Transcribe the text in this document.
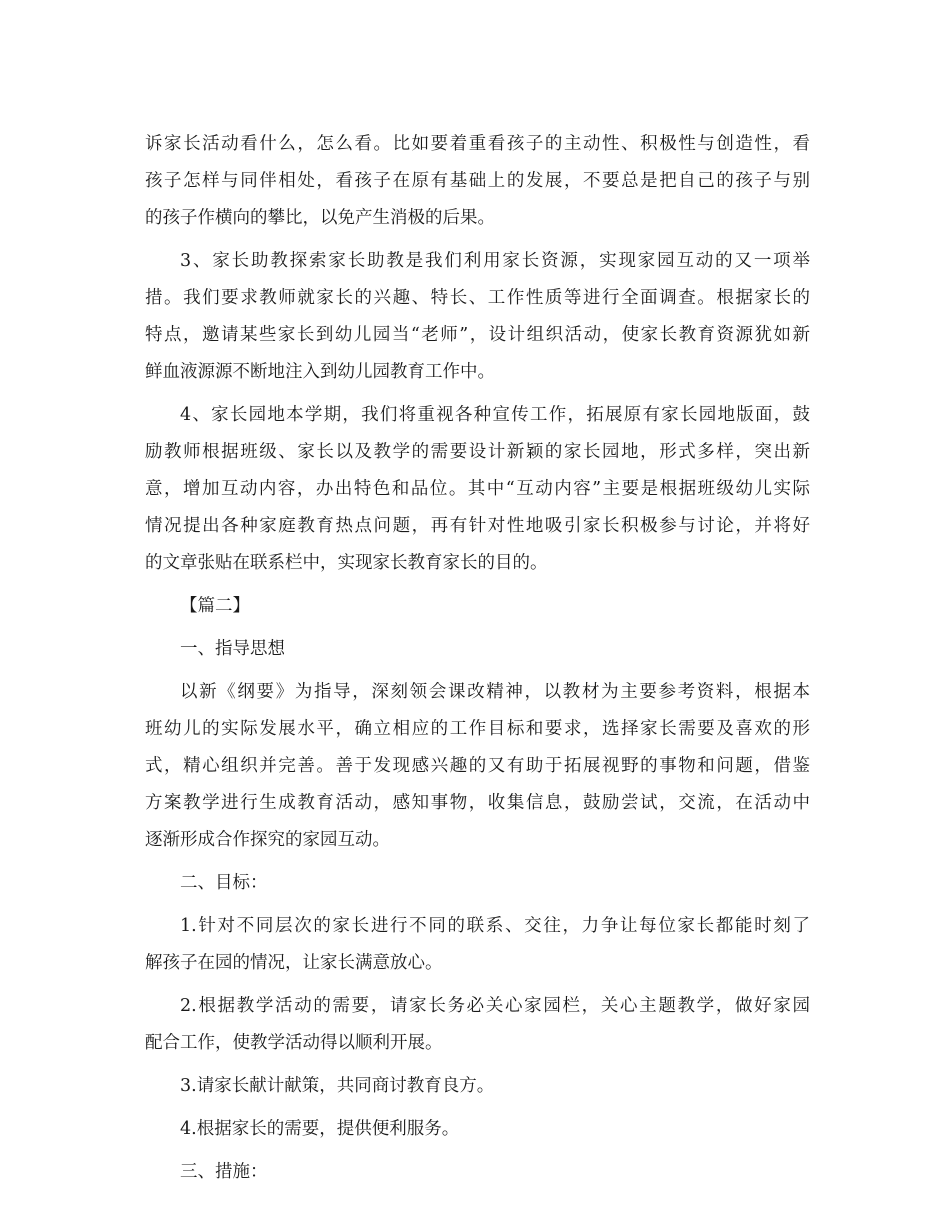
诉家长活动看什么，怎么看。比如要着重看孩子的主动性、积极性与创造性，看
孩子怎样与同伴相处，看孩子在原有基础上的发展，不要总是把自己的孩子与别
的孩子作横向的攀比，以免产生消极的后果。
3、家长助教探索家长助教是我们利用家长资源，实现家园互动的又一项举
措。我们要求教师就家长的兴趣、特长、工作性质等进行全面调查。根据家长的
特点，邀请某些家长到幼儿园当“老师”，设计组织活动，使家长教育资源犹如新
鲜血液源源不断地注入到幼儿园教育工作中。
4、家长园地本学期，我们将重视各种宣传工作，拓展原有家长园地版面，鼓
励教师根据班级、家长以及教学的需要设计新颖的家长园地，形式多样，突出新
意，增加互动内容，办出特色和品位。其中“互动内容”主要是根据班级幼儿实际
情况提出各种家庭教育热点问题，再有针对性地吸引家长积极参与讨论，并将好
的文章张贴在联系栏中，实现家长教育家长的目的。
【篇二】
一、指导思想
以新《纲要》为指导，深刻领会课改精神，以教材为主要参考资料，根据本
班幼儿的实际发展水平，确立相应的工作目标和要求，选择家长需要及喜欢的形
式，精心组织并完善。善于发现感兴趣的又有助于拓展视野的事物和问题，借鉴
方案教学进行生成教育活动，感知事物，收集信息，鼓励尝试，交流，在活动中
逐渐形成合作探究的家园互动。
二、目标：
1.针对不同层次的家长进行不同的联系、交往，力争让每位家长都能时刻了
解孩子在园的情况，让家长满意放心。
2.根据教学活动的需要，请家长务必关心家园栏，关心主题教学，做好家园
配合工作，使教学活动得以顺利开展。
3.请家长献计献策，共同商讨教育良方。
4.根据家长的需要，提供便利服务。
三、措施：
